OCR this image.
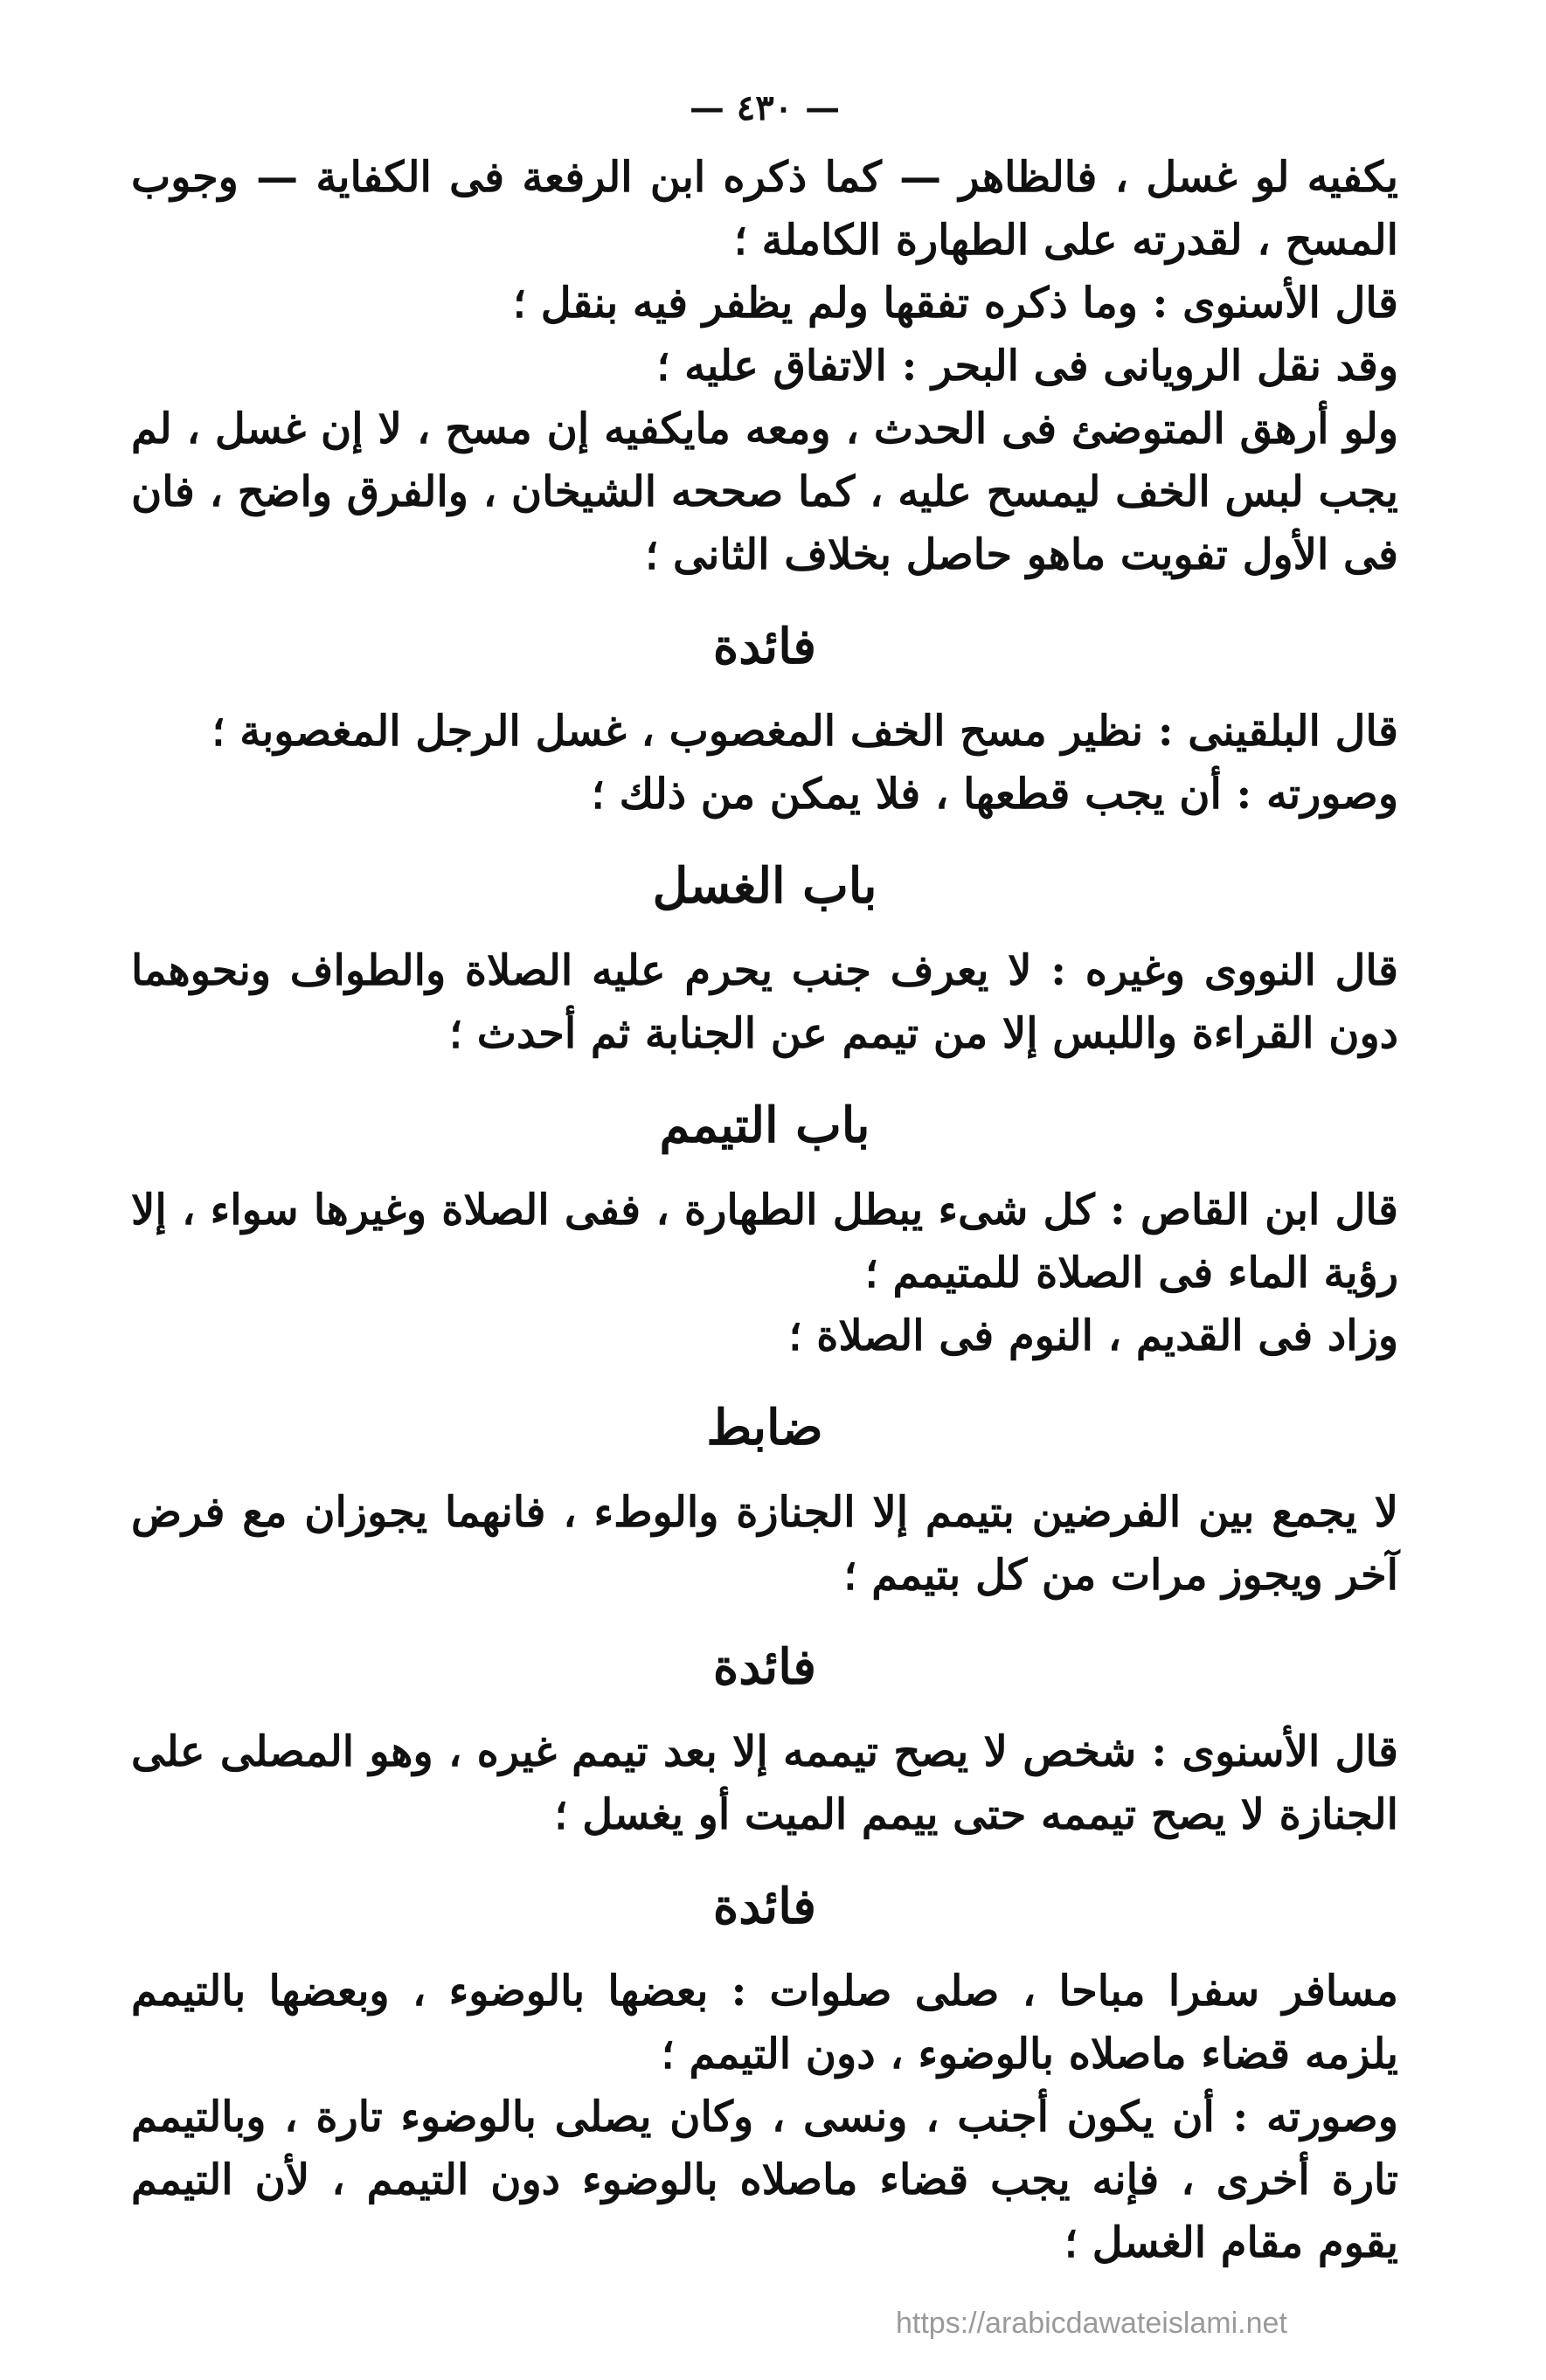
— ٤٣٠ —

يكفيه لو غسل ، فالظاهر — كما ذكره ابن الرفعة فى الكفاية — وجوب المسح ، لقدرته على الطهارة الكاملة ؛

قال الأسنوى : وما ذكره تفقها ولم يظفر فيه بنقل ؛

وقد نقل الرويانى فى البحر : الاتفاق عليه ؛

ولو أرهق المتوضئ فى الحدث ، ومعه مايكفيه إن مسح ، لا إن غسل ، لم يجب لبس الخف ليمسح عليه ، كما صححه الشيخان ، والفرق واضح ، فان فى الأول تفويت ماهو حاصل بخلاف الثانى ؛

فائدة

قال البلقينى : نظير مسح الخف المغصوب ، غسل الرجل المغصوبة ؛

وصورته : أن يجب قطعها ، فلا يمكن من ذلك ؛

باب الغسل

قال النووى وغيره : لا يعرف جنب يحرم عليه الصلاة والطواف ونحوهما دون القراءة واللبس إلا من تيمم عن الجنابة ثم أحدث ؛

باب التيمم

قال ابن القاص : كل شىء يبطل الطهارة ، ففى الصلاة وغيرها سواء ، إلا رؤية الماء فى الصلاة للمتيمم ؛

وزاد فى القديم ، النوم فى الصلاة ؛

ضابط

لا يجمع بين الفرضين بتيمم إلا الجنازة والوطء ، فانهما يجوزان مع فرض آخر ويجوز مرات من كل بتيمم ؛

فائدة

قال الأسنوى : شخص لا يصح تيممه إلا بعد تيمم غيره ، وهو المصلى على الجنازة لا يصح تيممه حتى ييمم الميت أو يغسل ؛

فائدة

مسافر سفرا مباحا ، صلى صلوات : بعضها بالوضوء ، وبعضها بالتيمم يلزمه قضاء ماصلاه بالوضوء ، دون التيمم ؛

وصورته : أن يكون أجنب ، ونسى ، وكان يصلى بالوضوء تارة ، وبالتيمم تارة أخرى ، فإنه يجب قضاء ماصلاه بالوضوء دون التيمم ، لأن التيمم يقوم مقام الغسل ؛

https://arabicdawateislami.net
